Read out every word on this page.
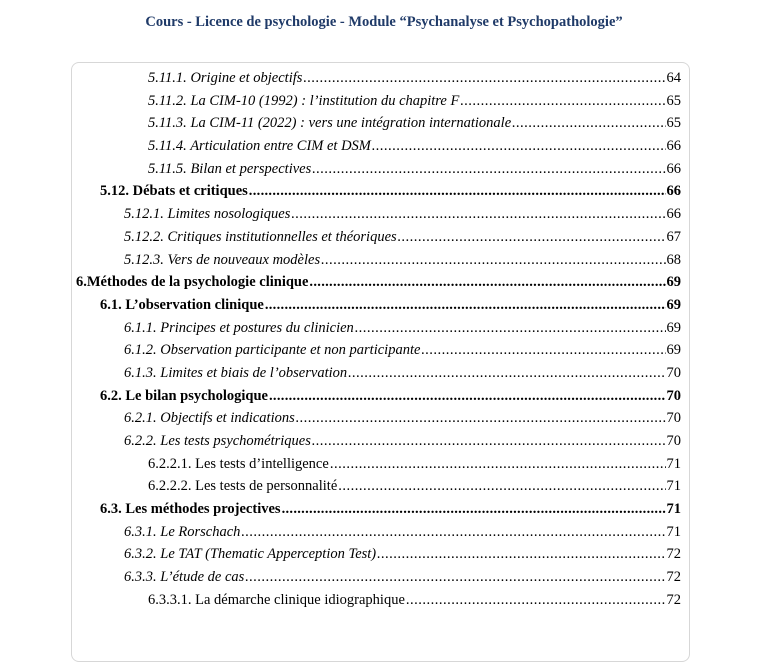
Cours - Licence de psychologie - Module “Psychanalyse et Psychopathologie”
5.11.1. Origine et objectifs .....	64
5.11.2. La CIM-10 (1992) : l’institution du chapitre F .....	65
5.11.3. La CIM-11 (2022) : vers une intégration internationale .....	65
5.11.4. Articulation entre CIM et DSM .....	66
5.11.5. Bilan et perspectives .....	66
5.12. Débats et critiques .....	66
5.12.1. Limites nosologiques .....	66
5.12.2. Critiques institutionnelles et théoriques .....	67
5.12.3. Vers de nouveaux modèles .....	68
6.Méthodes de la psychologie clinique .....	69
6.1. L’observation clinique .....	69
6.1.1. Principes et postures du clinicien .....	69
6.1.2. Observation participante et non participante .....	69
6.1.3. Limites et biais de l’observation .....	70
6.2. Le bilan psychologique .....	70
6.2.1. Objectifs et indications .....	70
6.2.2. Les tests psychométriques .....	70
6.2.2.1. Les tests d’intelligence .....	71
6.2.2.2. Les tests de personnalité .....	71
6.3. Les méthodes projectives .....	71
6.3.1. Le Rorschach .....	71
6.3.2. Le TAT (Thematic Apperception Test) .....	72
6.3.3. L’étude de cas .....	72
6.3.3.1. La démarche clinique idiographique .....	72
